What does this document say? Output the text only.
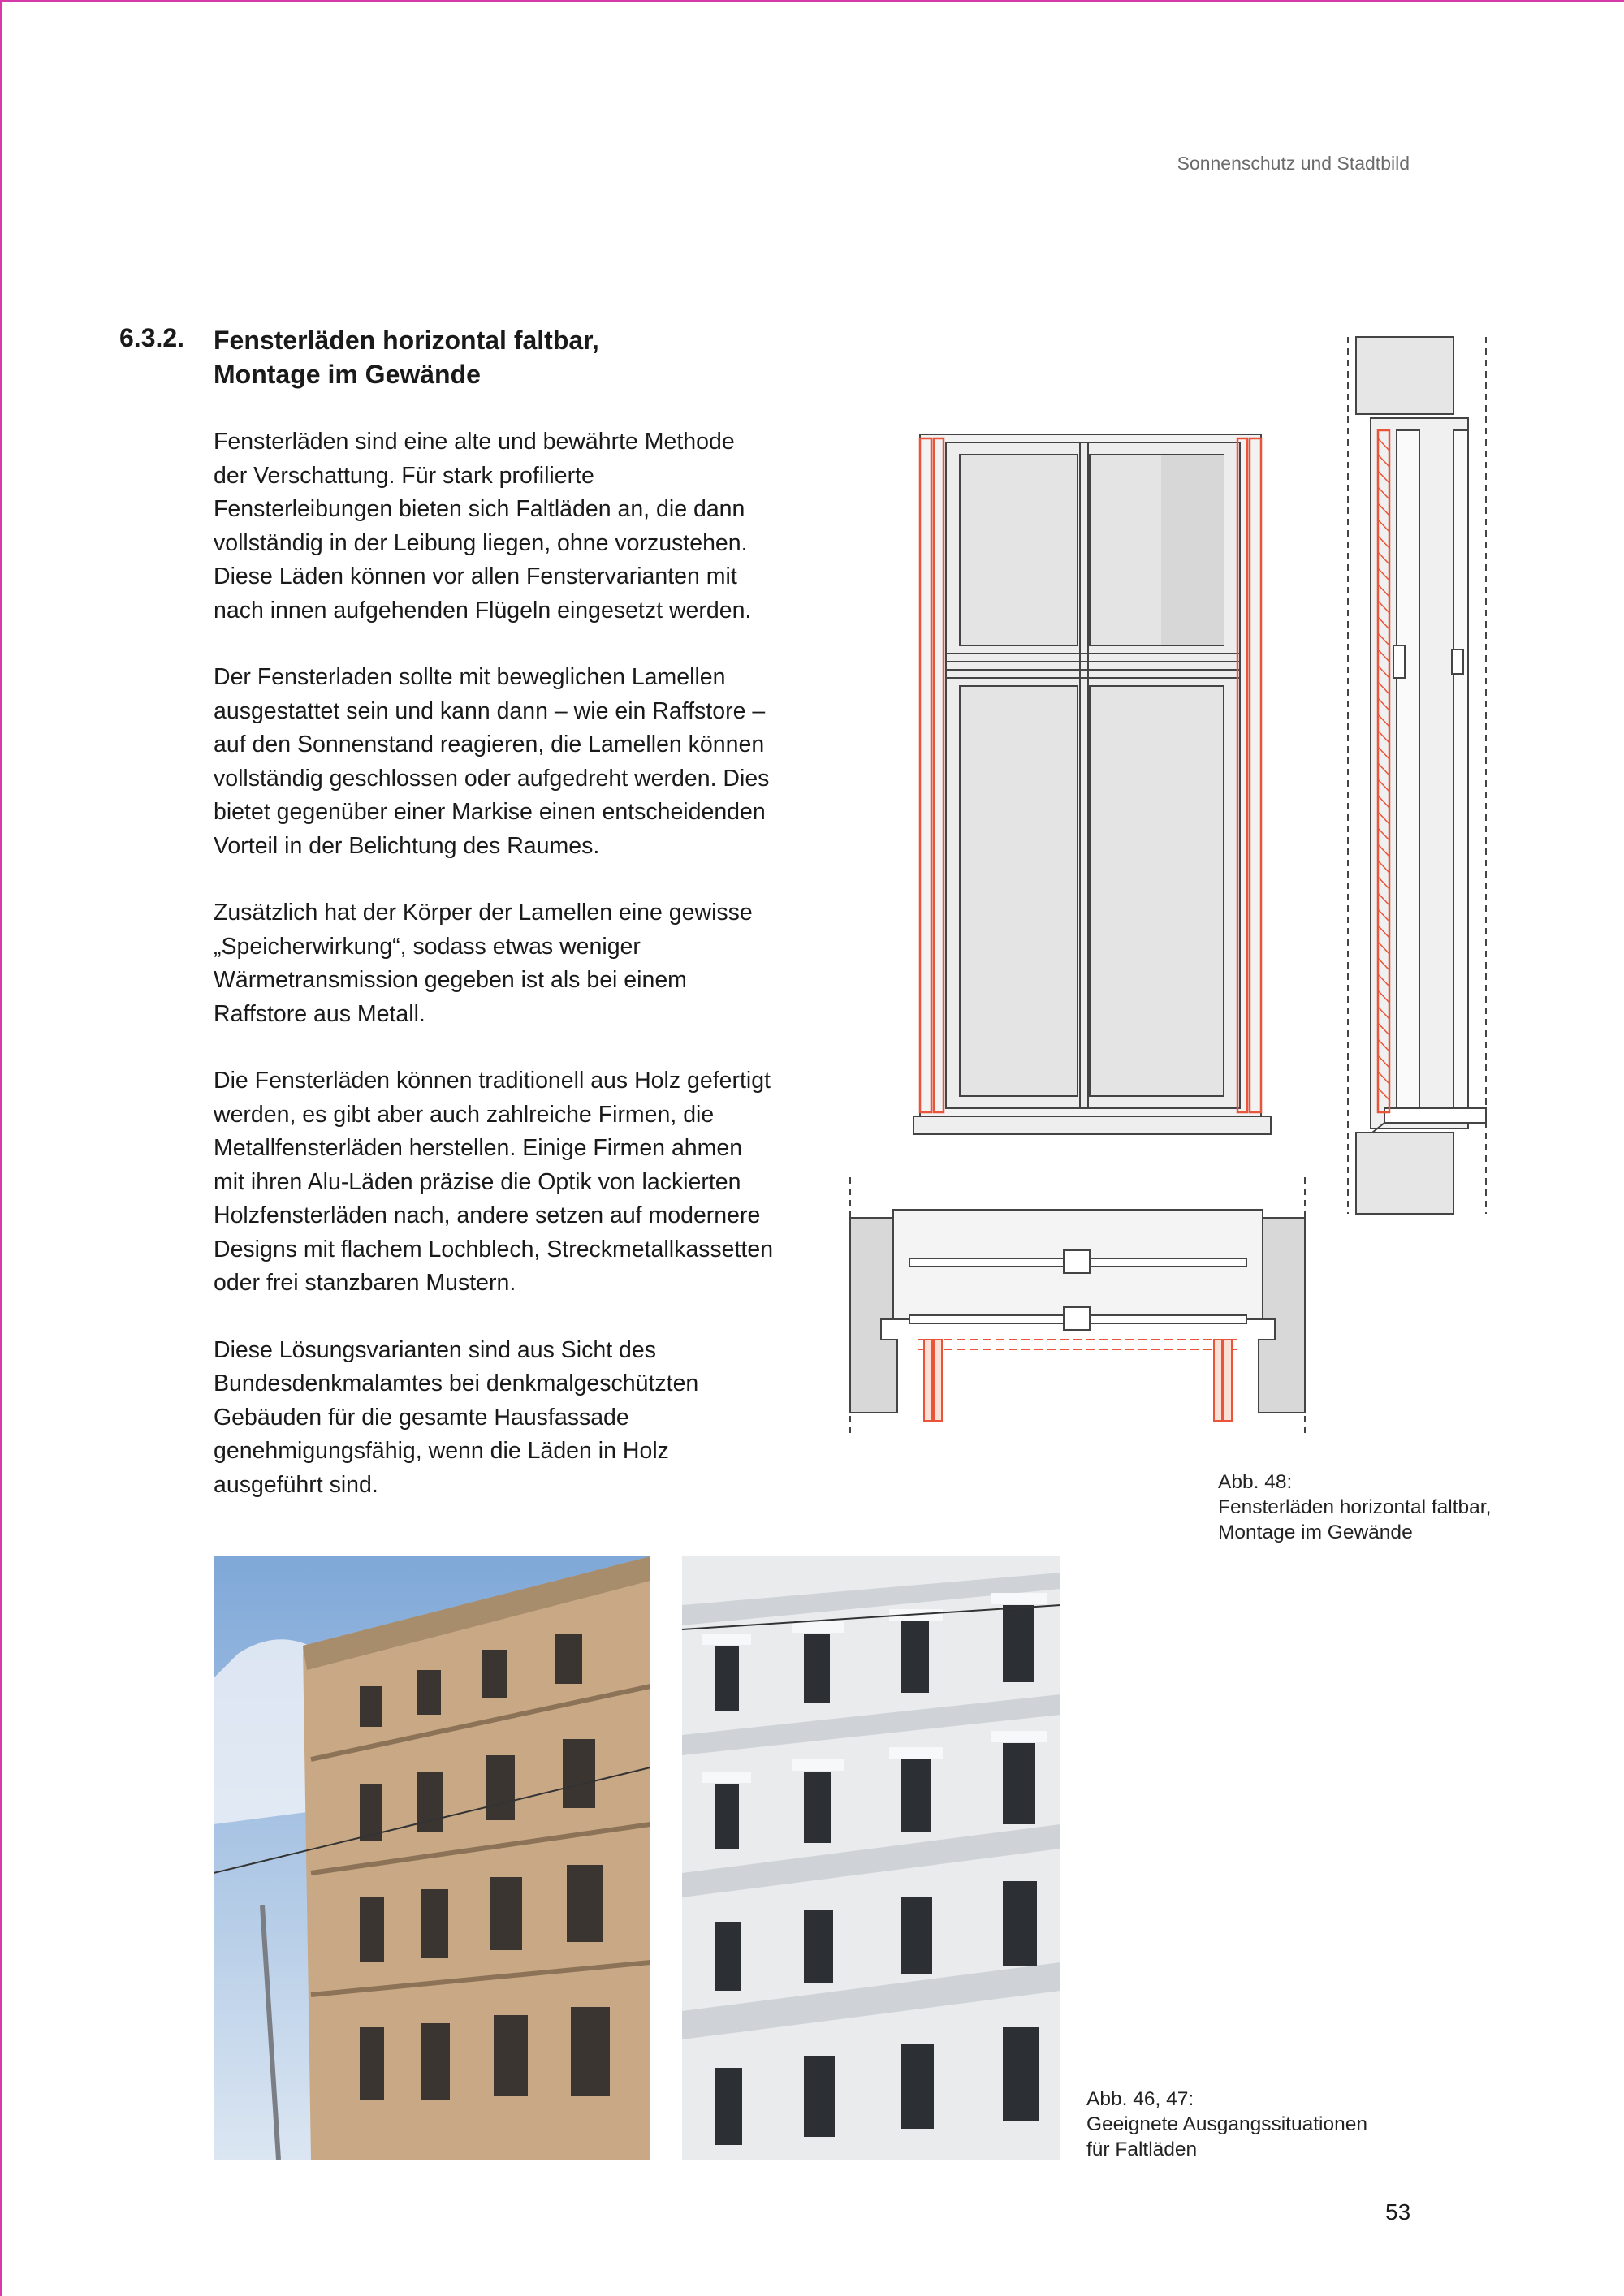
Sonnenschutz und Stadtbild
6.3.2. Fensterläden horizontal faltbar,
Montage im Gewände

Fensterläden sind eine alte und bewährte Methode der Verschattung. Für stark profilierte Fensterleibungen bieten sich Faltläden an, die dann vollständig in der Leibung liegen, ohne vorzustehen. Diese Läden können vor allen Fenstervarianten mit nach innen aufgehenden Flügeln eingesetzt werden.

Der Fensterladen sollte mit beweglichen Lamellen ausgestattet sein und kann dann – wie ein Raffstore – auf den Sonnenstand reagieren, die Lamellen können vollständig geschlossen oder aufgedreht werden. Dies bietet gegenüber einer Markise einen entscheidenden Vorteil in der Belichtung des Raumes.

Zusätzlich hat der Körper der Lamellen eine gewisse „Speicherwirkung“, sodass etwas weniger Wärmetransmission gegeben ist als bei einem Raffstore aus Metall.

Die Fensterläden können traditionell aus Holz gefertigt werden, es gibt aber auch zahlreiche Firmen, die Metallfensterläden herstellen. Einige Firmen ahmen mit ihren Alu-Läden präzise die Optik von lackierten Holzfensterläden nach, andere setzen auf modernere Designs mit flachem Lochblech, Streckmetallkassetten oder frei stanzbaren Mustern.

Diese Lösungsvarianten sind aus Sicht des Bundesdenkmalamtes bei denkmalgeschützten Gebäuden für die gesamte Hausfassade genehmigungsfähig, wenn die Läden in Holz ausgeführt sind.	Abb. 48:
Fensterläden horizontal faltbar,
Montage im Gewände
Abb. 46, 47:
Geeignete Ausgangssituationen
für Faltläden
53
